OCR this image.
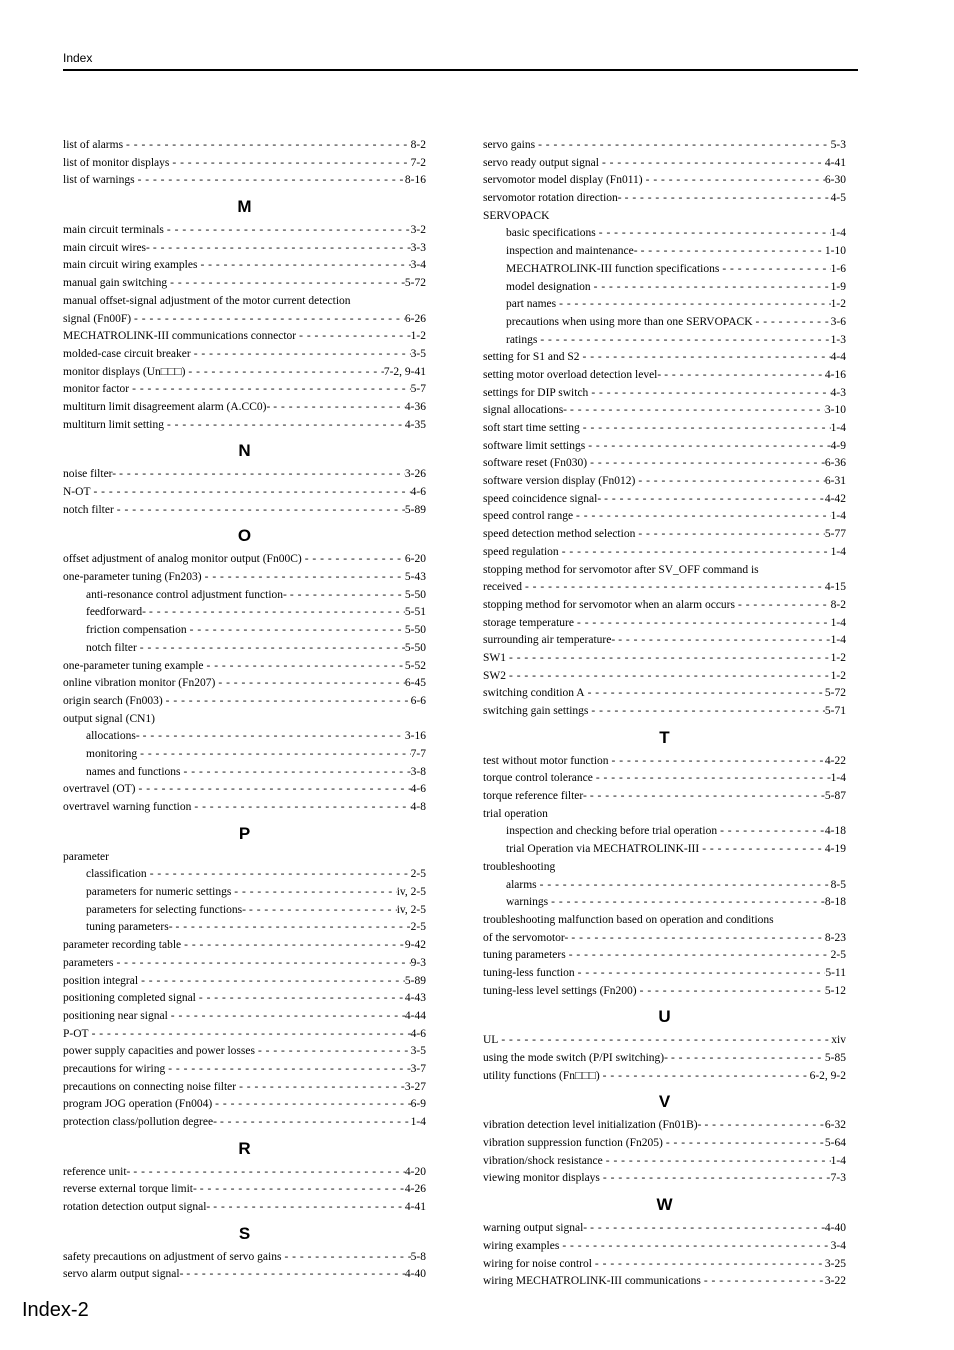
Index
list of alarms - - -	8-2
list of monitor displays - - -	7-2
list of warnings - - -	8-16
M
main circuit terminals - - -	3-2
main circuit wires- - - -	3-3
main circuit wiring examples - - -	3-4
manual gain switching - - -	5-72
manual offset-signal adjustment of the motor current detection
signal (Fn00F) - - -	6-26
MECHATROLINK-III communications connector - - -	1-2
molded-case circuit breaker - - -	3-5
monitor displays (Un□□□) - - -	7-2, 9-41
monitor factor - - -	5-7
multiturn limit disagreement alarm (A.CC0)- - - -	4-36
multiturn limit setting - - -	4-35
N
noise filter- - - -	3-26
N-OT - - -	4-6
notch filter - - -	5-89
O
offset adjustment of analog monitor output (Fn00C) - - -	6-20
one-parameter tuning (Fn203) - - -	5-43
anti-resonance control adjustment function- - - -	5-50
feedforward- - - -	5-51
friction compensation - - -	5-50
notch filter - - -	5-50
one-parameter tuning example - - -	5-52
online vibration monitor (Fn207) - - -	6-45
origin search (Fn003) - - -	6-6
output signal (CN1)
allocations- - - -	3-16
monitoring - - -	7-7
names and functions - - -	3-8
overtravel (OT) - - -	4-6
overtravel warning function - - -	4-8
P
parameter
classification - - -	2-5
parameters for numeric settings - - -	iv, 2-5
parameters for selecting functions- - - -	iv, 2-5
tuning parameters- - - -	2-5
parameter recording table - - -	9-42
parameters - - -	9-3
position integral - - -	5-89
positioning completed signal - - -	4-43
positioning near signal - - -	4-44
P-OT - - -	4-6
power supply capacities and power losses - - -	3-5
precautions for wiring - - -	3-7
precautions on connecting noise filter - - -	3-27
program JOG operation (Fn004) - - -	6-9
protection class/pollution degree- - - -	1-4
R
reference unit- - - -	4-20
reverse external torque limit- - - -	4-26
rotation detection output signal- - - -	4-41
S
safety precautions on adjustment of servo gains - - -	5-8
servo alarm output signal- - - -	4-40
servo gains - - -	5-3
servo ready output signal - - -	4-41
servomotor model display (Fn011) - - -	6-30
servomotor rotation direction- - - -	4-5
SERVOPACK
basic specifications - - -	1-4
inspection and maintenance- - - -	1-10
MECHATROLINK-III function specifications - - -	1-6
model designation - - -	1-9
part names - - -	1-2
precautions when using more than one SERVOPACK - - -	3-6
ratings - - -	1-3
setting for S1 and S2 - - -	4-4
setting motor overload detection level- - - -	4-16
settings for DIP switch - - -	4-3
signal allocations- - - -	3-10
soft start time setting - - -	1-4
software limit settings - - -	4-9
software reset (Fn030) - - -	6-36
software version display (Fn012) - - -	6-31
speed coincidence signal- - - -	4-42
speed control range - - -	1-4
speed detection method selection - - -	5-77
speed regulation - - -	1-4
stopping method for servomotor after SV_OFF command is
received - - -	4-15
stopping method for servomotor when an alarm occurs - - -	8-2
storage temperature - - -	1-4
surrounding air temperature- - - -	1-4
SW1 - - -	1-2
SW2 - - -	1-2
switching condition A - - -	5-72
switching gain settings - - -	5-71
T
test without motor function - - -	4-22
torque control tolerance - - -	1-4
torque reference filter- - - -	5-87
trial operation
inspection and checking before trial operation - - -	4-18
trial Operation via MECHATROLINK-III - - -	4-19
troubleshooting
alarms - - -	8-5
warnings - - -	8-18
troubleshooting malfunction based on operation and conditions
of the servomotor- - - -	8-23
tuning parameters - - -	2-5
tuning-less function - - -	5-11
tuning-less level settings (Fn200) - - -	5-12
U
UL - - -	xiv
using the mode switch (P/PI switching)- - - -	5-85
utility functions (Fn□□□) - - -	6-2, 9-2
V
vibration detection level initialization (Fn01B)- - - -	6-32
vibration suppression function (Fn205) - - -	5-64
vibration/shock resistance - - -	1-4
viewing monitor displays - - -	7-3
W
warning output signal- - - -	4-40
wiring examples - - -	3-4
wiring for noise control - - -	3-25
wiring MECHATROLINK-III communications - - -	3-22
Index-2
